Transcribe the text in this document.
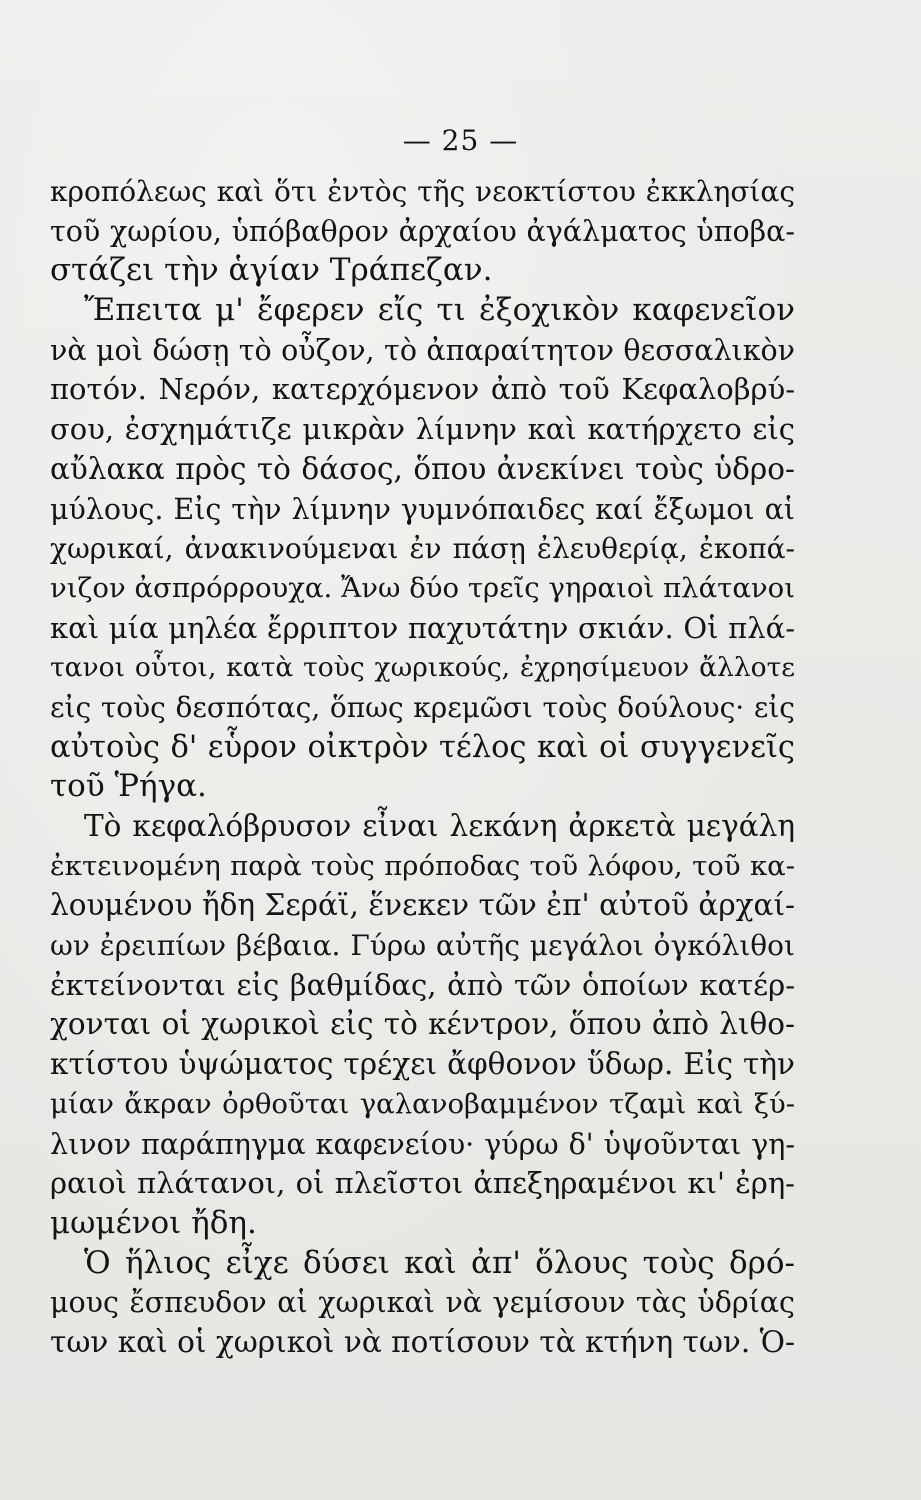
— 25 —
κροπόλεως καὶ ὅτι ἐντὸς τῆς νεοκτίστου ἐκκλησίας
τοῦ χωρίου, ὑπόβαθρον ἀρχαίου ἀγάλματος ὑποβα-
στάζει τὴν ἁγίαν Τράπεζαν.
Ἔπειτα μ' ἔφερεν εἴς τι ἐξοχικὸν καφενεῖον
νὰ μοὶ δώσῃ τὸ οὖζον, τὸ ἀπαραίτητον θεσσαλικὸν
ποτόν. Νερόν, κατερχόμενον ἀπὸ τοῦ Κεφαλοβρύ-
σου, ἐσχημάτιζε μικρὰν λίμνην καὶ κατήρχετο εἰς
αὔλακα πρὸς τὸ δάσος, ὅπου ἀνεκίνει τοὺς ὑδρο-
μύλους. Εἰς τὴν λίμνην γυμνόπαιδες καί ἔξωμοι αἱ
χωρικαί, ἀνακινούμεναι ἐν πάσῃ ἐλευθερίᾳ, ἐκοπά-
νιζον ἀσπρόρρουχα. Ἄνω δύο τρεῖς γηραιοὶ πλάτανοι
καὶ μία μηλέα ἔρριπτον παχυτάτην σκιάν. Οἱ πλά-
τανοι οὗτοι, κατὰ τοὺς χωρικούς, ἐχρησίμευον ἄλλοτε
εἰς τοὺς δεσπότας, ὅπως κρεμῶσι τοὺς δούλους· εἰς
αὐτοὺς δ' εὗρον οἰκτρὸν τέλος καὶ οἱ συγγενεῖς
τοῦ Ῥήγα.
Τὸ κεφαλόβρυσον εἶναι λεκάνη ἀρκετὰ μεγάλη
ἐκτεινομένη παρὰ τοὺς πρόποδας τοῦ λόφου, τοῦ κα-
λουμένου ἤδη Σεράϊ, ἕνεκεν τῶν ἐπ' αὐτοῦ ἀρχαί-
ων ἐρειπίων βέβαια. Γύρω αὐτῆς μεγάλοι ὀγκόλιθοι
ἐκτείνονται εἰς βαθμίδας, ἀπὸ τῶν ὁποίων κατέρ-
χονται οἱ χωρικοὶ εἰς τὸ κέντρον, ὅπου ἀπὸ λιθο-
κτίστου ὑψώματος τρέχει ἄφθονον ὕδωρ. Εἰς τὴν
μίαν ἄκραν ὀρθοῦται γαλανοβαμμένον τζαμὶ καὶ ξύ-
λινον παράπηγμα καφενείου· γύρω δ' ὑψοῦνται γη-
ραιοὶ πλάτανοι, οἱ πλεῖστοι ἀπεξηραμένοι κι' ἐρη-
μωμένοι ἤδη.
Ὁ ἥλιος εἶχε δύσει καὶ ἀπ' ὅλους τοὺς δρό-
μους ἔσπευδον αἱ χωρικαὶ νὰ γεμίσουν τὰς ὑδρίας
των καὶ οἱ χωρικοὶ νὰ ποτίσουν τὰ κτήνη των. Ὁ-
